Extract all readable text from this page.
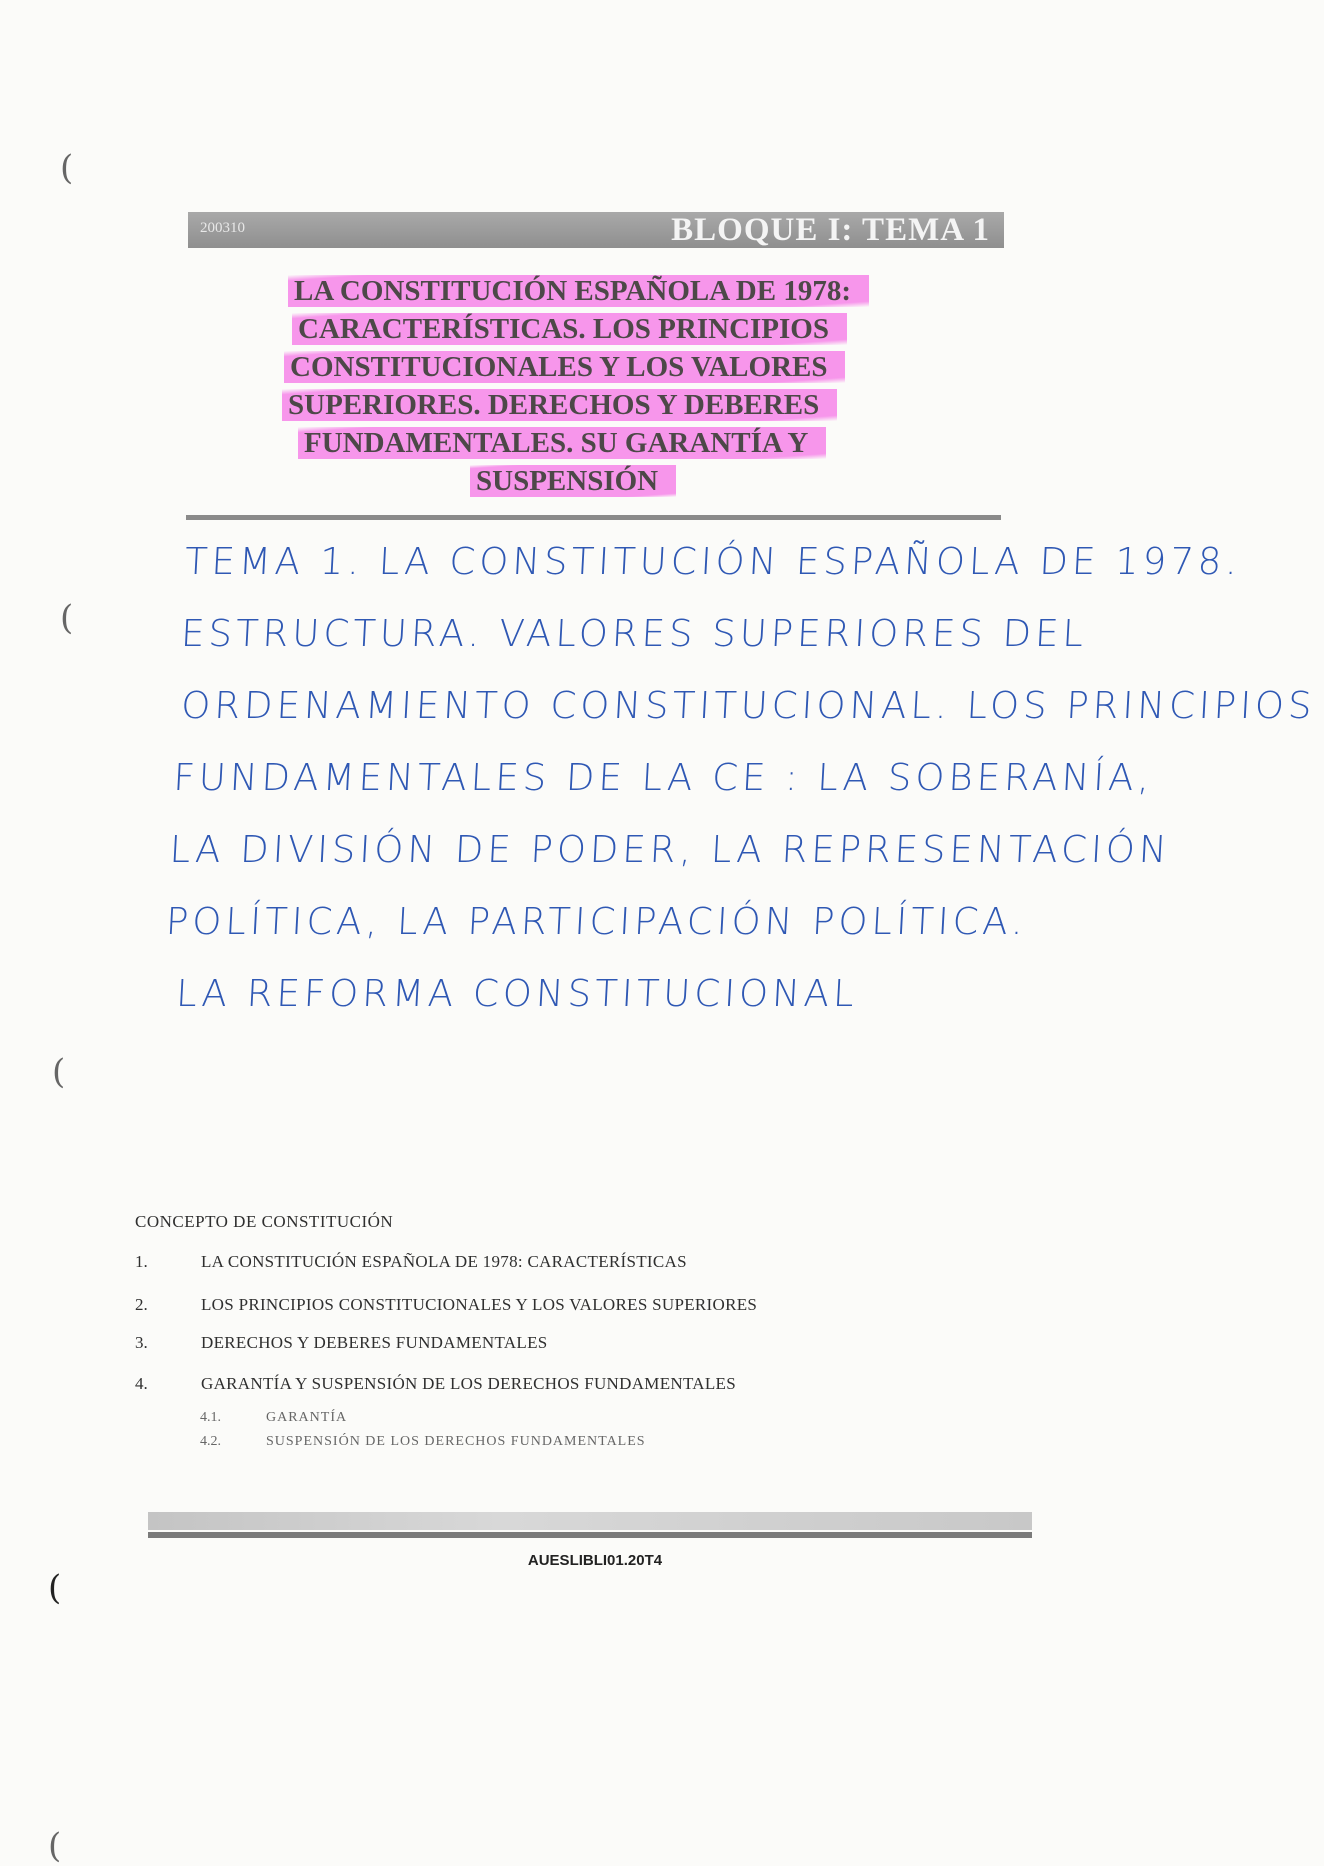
(
(
(
(
(
200310	BLOQUE I: TEMA 1
LA CONSTITUCIÓN ESPAÑOLA DE 1978:
CARACTERÍSTICAS. LOS PRINCIPIOS
CONSTITUCIONALES Y LOS VALORES
SUPERIORES. DERECHOS Y DEBERES
FUNDAMENTALES. SU GARANTÍA Y
SUSPENSIÓN
TEMA 1. LA CONSTITUCIÓN ESPAÑOLA DE 1978.
ESTRUCTURA. VALORES SUPERIORES DEL
ORDENAMIENTO CONSTITUCIONAL. LOS PRINCIPIOS
FUNDAMENTALES DE LA CE : LA SOBERANÍA,
LA DIVISIÓN DE PODER, LA REPRESENTACIÓN
POLÍTICA, LA PARTICIPACIÓN POLÍTICA.
LA REFORMA CONSTITUCIONAL
CONCEPTO DE CONSTITUCIÓN
1.	LA CONSTITUCIÓN ESPAÑOLA DE 1978: CARACTERÍSTICAS
2.	LOS PRINCIPIOS CONSTITUCIONALES Y LOS VALORES SUPERIORES
3.	DERECHOS Y DEBERES FUNDAMENTALES
4.	GARANTÍA Y SUSPENSIÓN DE LOS DERECHOS FUNDAMENTALES
4.1.	GARANTÍA
4.2.	SUSPENSIÓN DE LOS DERECHOS FUNDAMENTALES
AUESLIBLI01.20T4
